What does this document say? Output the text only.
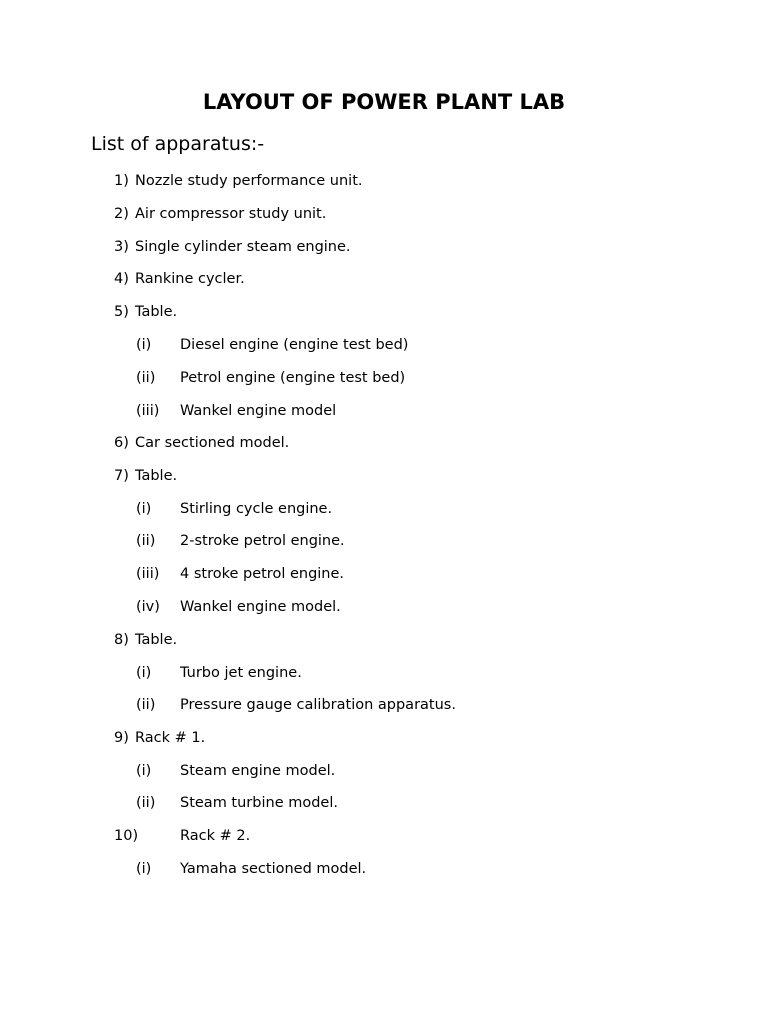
LAYOUT OF POWER PLANT LAB
List of apparatus:-
1) Nozzle study performance unit.
2) Air compressor study unit.
3) Single cylinder steam engine.
4) Rankine cycler.
5) Table.
(i) Diesel engine (engine test bed)
(ii) Petrol engine (engine test bed)
(iii) Wankel engine model
6) Car sectioned model.
7) Table.
(i) Stirling cycle engine.
(ii) 2-stroke petrol engine.
(iii) 4 stroke petrol engine.
(iv) Wankel engine model.
8) Table.
(i) Turbo jet engine.
(ii) Pressure gauge calibration apparatus.
9) Rack # 1.
(i) Steam engine model.
(ii) Steam turbine model.
10)	Rack # 2.
(i) Yamaha sectioned model.
